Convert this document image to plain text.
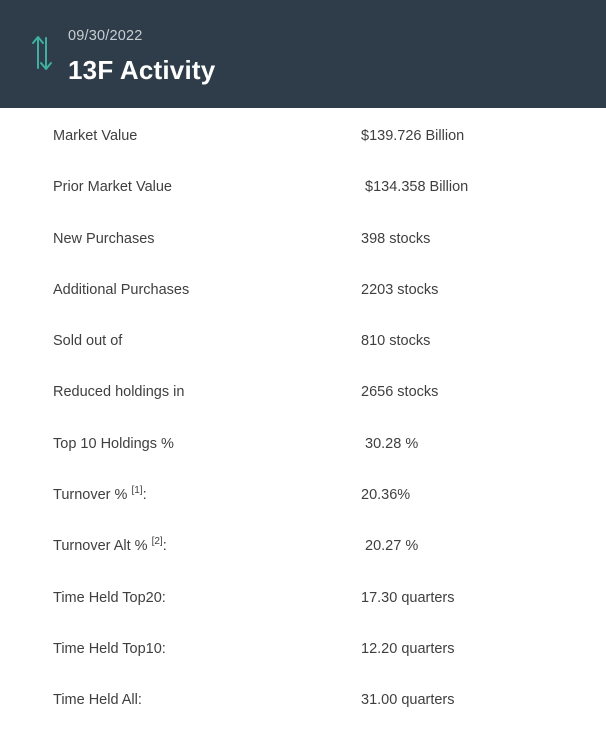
09/30/2022
13F Activity
Market Value	$139.726 Billion
Prior Market Value	$134.358 Billion
New Purchases	398 stocks
Additional Purchases	2203 stocks
Sold out of	810 stocks
Reduced holdings in	2656 stocks
Top 10 Holdings %	30.28 %
Turnover % [1]:	20.36%
Turnover Alt % [2]:	20.27 %
Time Held Top20:	17.30 quarters
Time Held Top10:	12.20 quarters
Time Held All:	31.00 quarters
